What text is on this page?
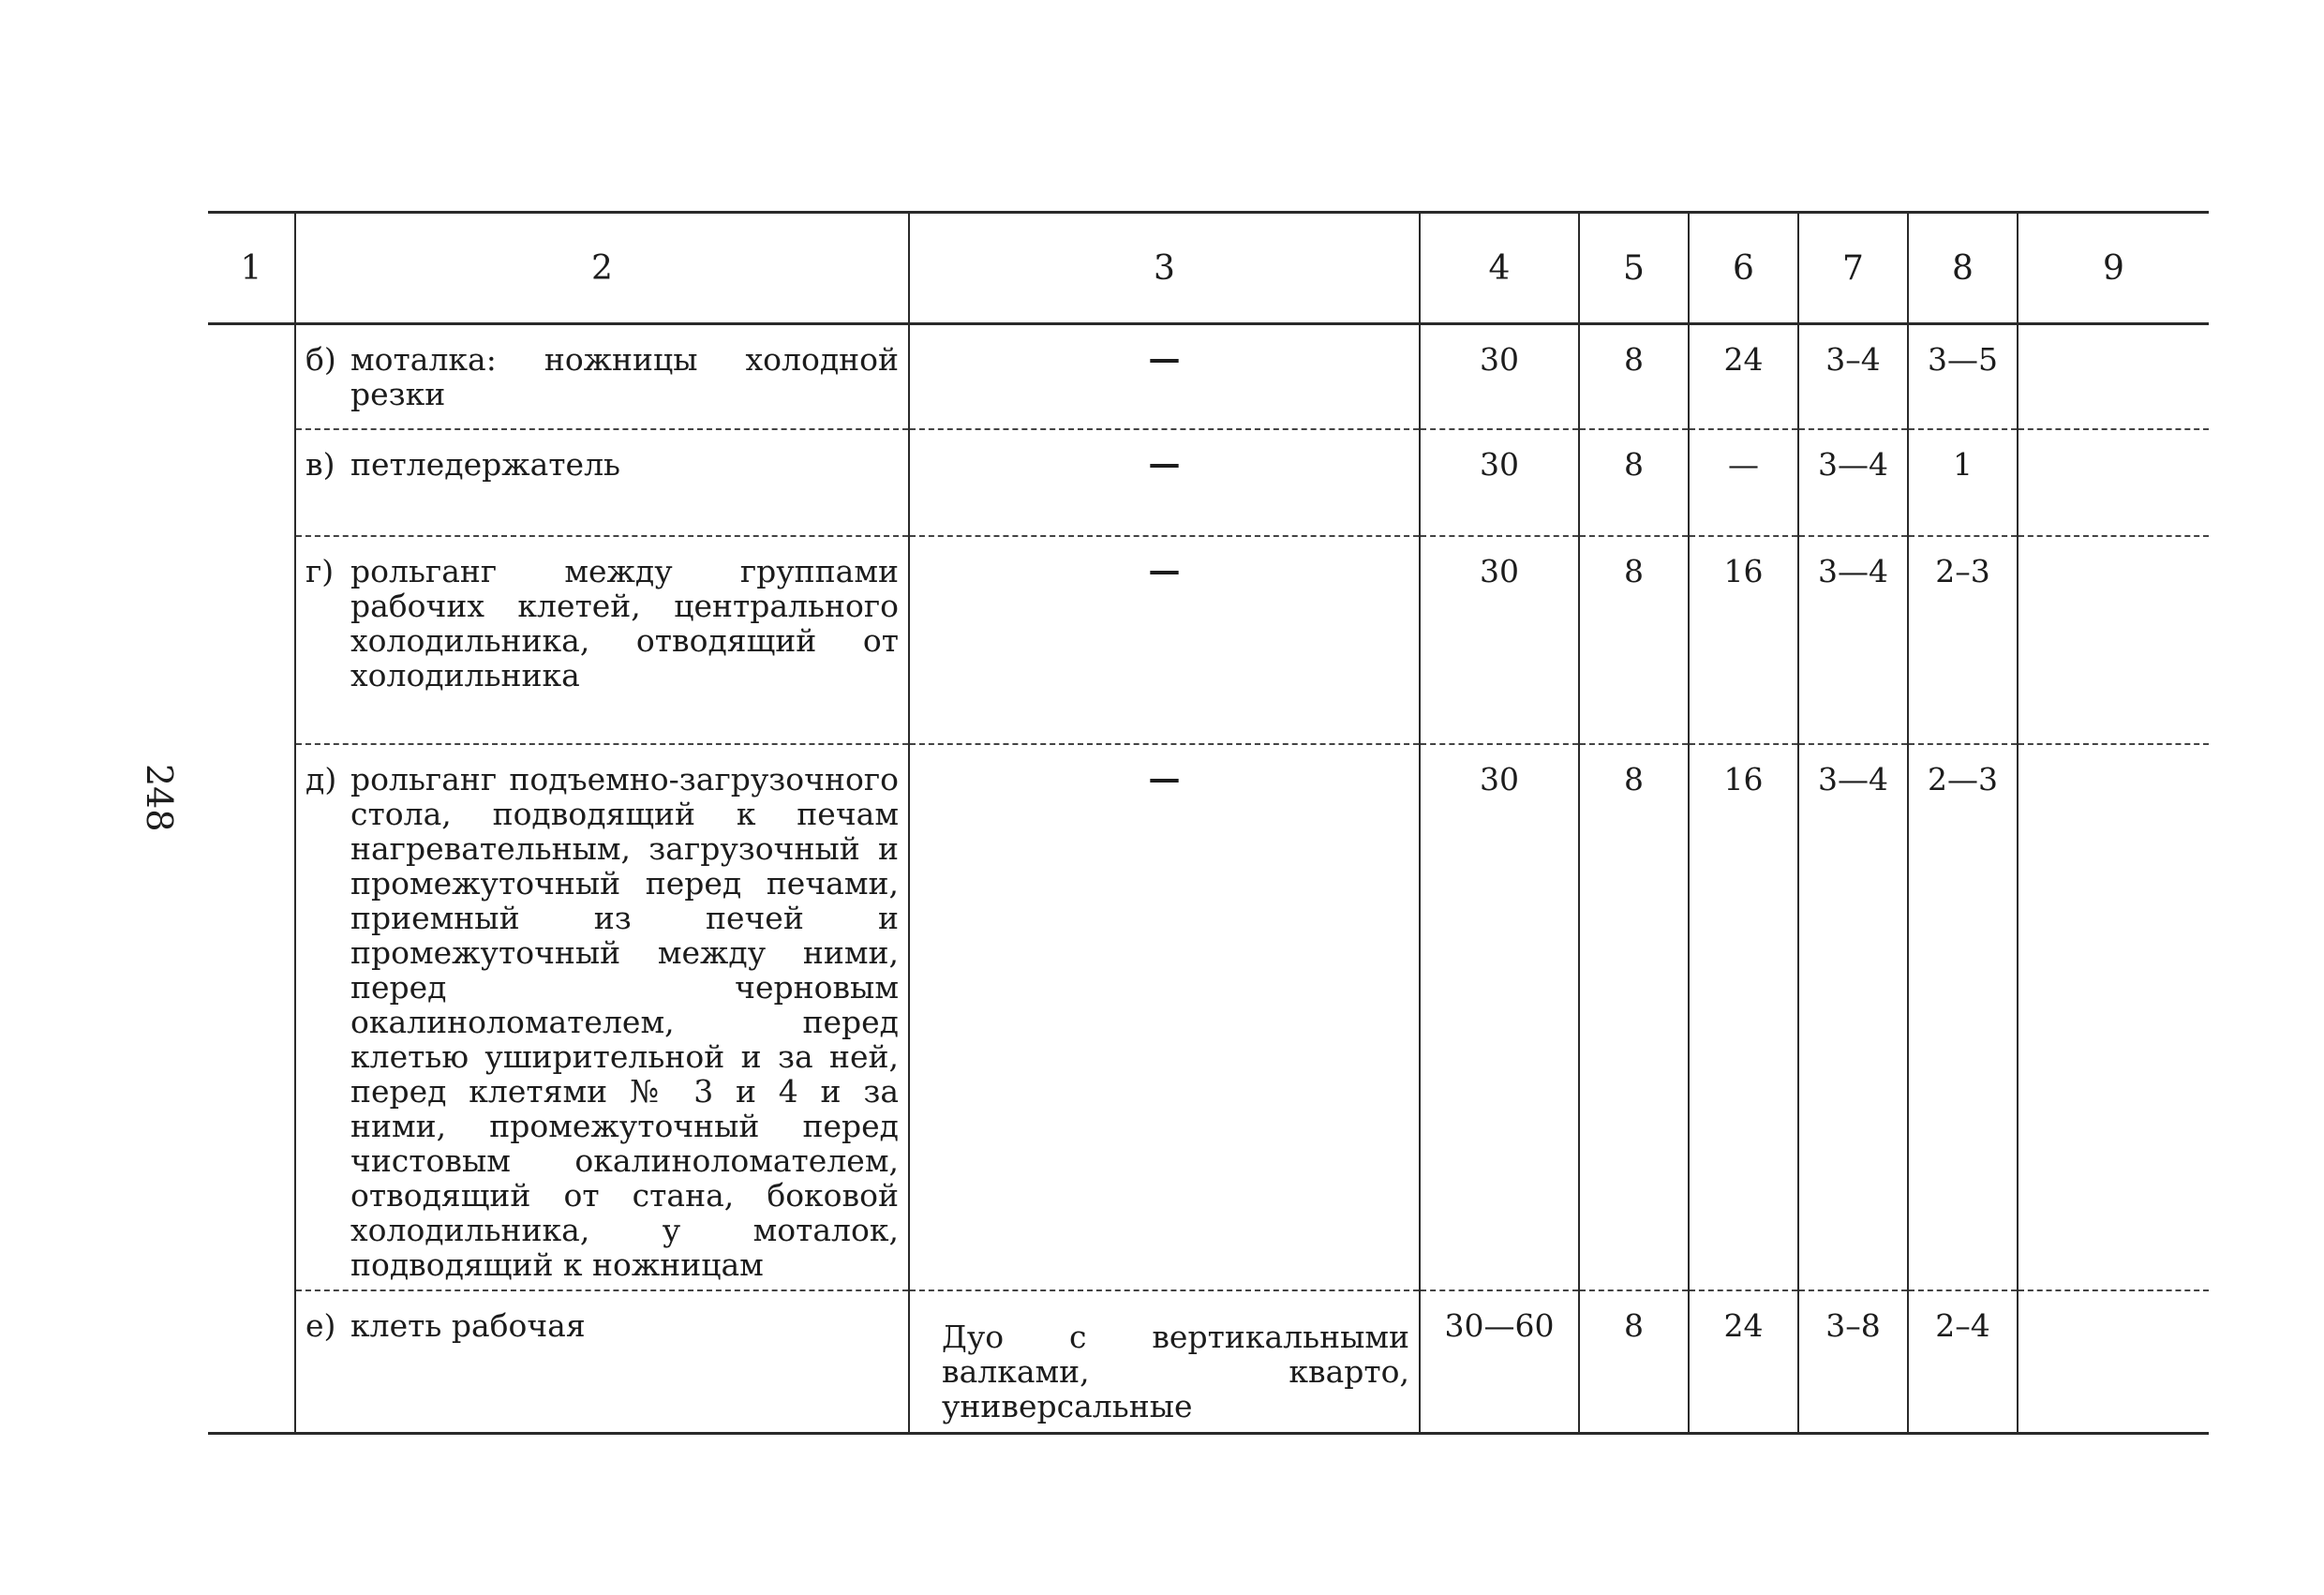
248
1	2	3	4	5	6	7	8	9

	б) моталка: ножницы холодной резки	—	30	8	24	3–4	3—5	

	в) петледержатель	—	30	8	—	3—4	1	

	г) рольганг между группами рабочих клетей, центрального холодильника, отводящий от холодильника	—	30	8	16	3—4	2–3	

	д) рольганг подъемно-загрузочного стола, подводящий к печам нагревательным, загрузочный и промежуточный перед печами, приемный из печей и промежуточный между ними, перед черновым окалиноломателем, перед клетью уширительной и за ней, перед клетями № 3 и 4 и за ними, промежуточный перед чистовым окалиноломателем, отводящий от стана, боковой холодильника, у моталок, подводящий к ножницам	—	30	8	16	3—4	2—3	

	е) клеть рабочая	Дуо с вертикальными валками, кварто, универсальные	30—60	8	24	3–8	2–4	
